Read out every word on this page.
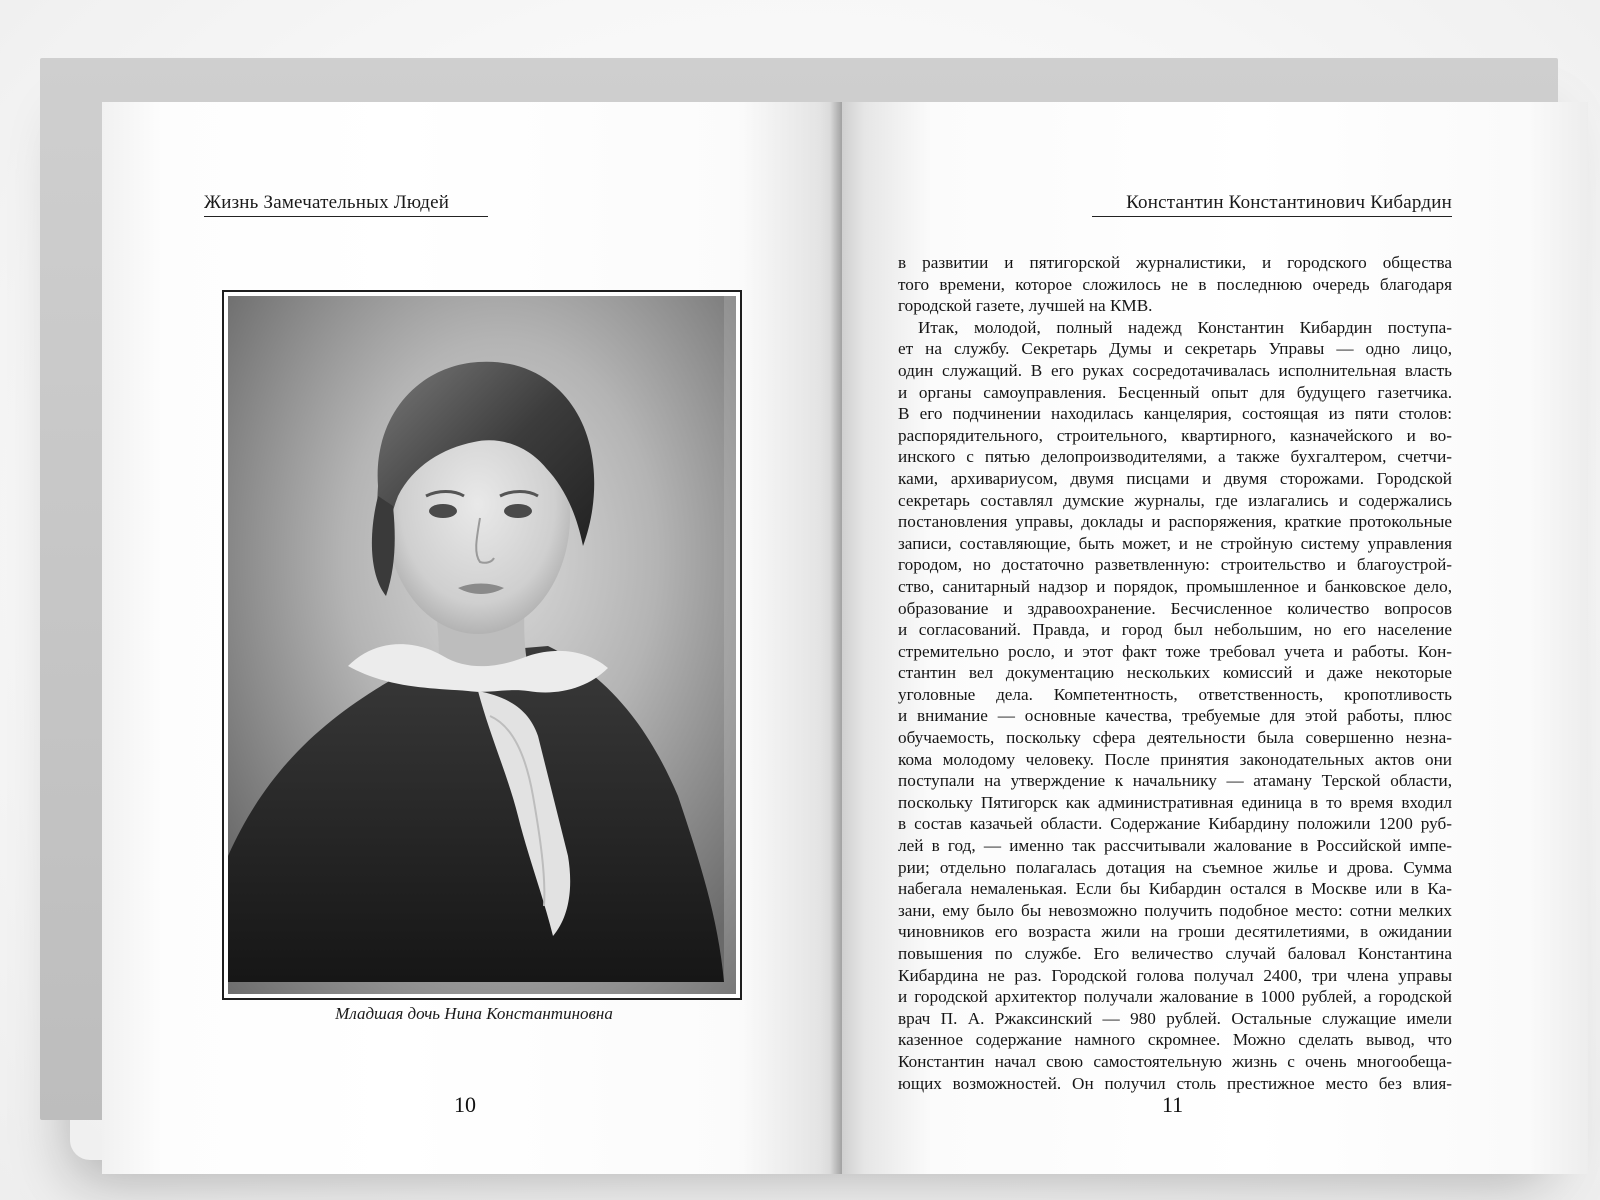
Жизнь Замечательных Людей
Младшая дочь Нина Константиновна
10
Константин Константинович Кибардин
в развитии и пятигорской журналистики, и городского общества
того времени, которое сложилось не в последнюю очередь благодаря
городской газете, лучшей на КМВ.
Итак, молодой, полный надежд Константин Кибардин поступа-
ет на службу. Секретарь Думы и секретарь Управы — одно лицо,
один служащий. В его руках сосредотачивалась исполнительная власть
и органы самоуправления. Бесценный опыт для будущего газетчика.
В его подчинении находилась канцелярия, состоящая из пяти столов:
распорядительного, строительного, квартирного, казначейского и во-
инского с пятью делопроизводителями, а также бухгалтером, счетчи-
ками, архивариусом, двумя писцами и двумя сторожами. Городской
секретарь составлял думские журналы, где излагались и содержались
постановления управы, доклады и распоряжения, краткие протокольные
записи, составляющие, быть может, и не стройную систему управления
городом, но достаточно разветвленную: строительство и благоустрой-
ство, санитарный надзор и порядок, промышленное и банковское дело,
образование и здравоохранение. Бесчисленное количество вопросов
и согласований. Правда, и город был небольшим, но его население
стремительно росло, и этот факт тоже требовал учета и работы. Кон-
стантин вел документацию нескольких комиссий и даже некоторые
уголовные дела. Компетентность, ответственность, кропотливость
и внимание — основные качества, требуемые для этой работы, плюс
обучаемость, поскольку сфера деятельности была совершенно незна-
кома молодому человеку. После принятия законодательных актов они
поступали на утверждение к начальнику — атаману Терской области,
поскольку Пятигорск как административная единица в то время входил
в состав казачьей области. Содержание Кибардину положили 1200 руб-
лей в год, — именно так рассчитывали жалование в Российской импе-
рии; отдельно полагалась дотация на съемное жилье и дрова. Сумма
набегала немаленькая. Если бы Кибардин остался в Москве или в Ка-
зани, ему было бы невозможно получить подобное место: сотни мелких
чиновников его возраста жили на гроши десятилетиями, в ожидании
повышения по службе. Его величество случай баловал Константина
Кибардина не раз. Городской голова получал 2400, три члена управы
и городской архитектор получали жалование в 1000 рублей, а городской
врач П. А. Ржаксинский — 980 рублей. Остальные служащие имели
казенное содержание намного скромнее. Можно сделать вывод, что
Константин начал свою самостоятельную жизнь с очень многообеща-
ющих возможностей. Он получил столь престижное место без влия-
11
